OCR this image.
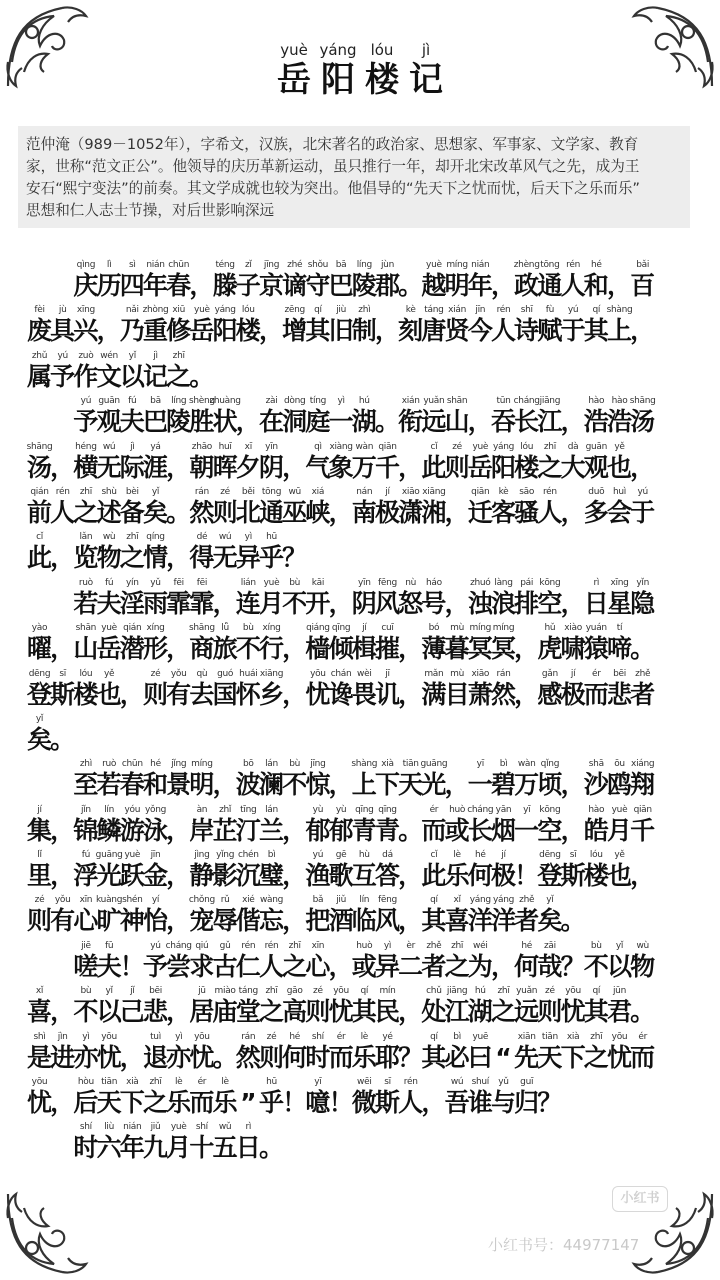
yuè yáng lóu	jì
岳 阳 楼 记
范仲淹（989－1052年），字希文，汉族，北宋著名的政治家、思想家、军事家、文学家、教育
家，世称“范文正公”。他领导的庆历革新运动，虽只推行一年，却开北宋改革风气之先，成为王
安石“熙宁变法”的前奏。其文学成就也较为突出。他倡导的“先天下之忧而忧，后天下之乐而乐”
思想和仁人志士节操，对后世影响深远
qìng	lì	sì	nián chūn	téng	zǐ	jīng zhé shǒu bā	líng	jùn	yuè míng nián	zhèng tōng rén	hé	bǎi
庆
历
四
年
春
，
滕
子
京
谪
守
巴
陵
郡
。
越
明
年
，
政
通
人
和
，
百
fèi	jù	xīng	nǎi zhòng xiū	yuè yáng lóu	zēng	qí	jiù	zhì	kè táng xián	jīn	rén	shī	fù	yú	qí shàng
废
具
兴
，
乃
重
修
岳
阳
楼
，
增
其
旧
制
，
刻
唐
贤
今
人
诗
赋
于
其
上
，
zhǔ	yú	zuò wén	yǐ	jì	zhī
属
予
作
文
以
记
之
。
yú guān fú	bā	líng shèng
zhuàng	zài dòng tíng	yì	hú	xián yuǎn shān	tūn cháng jiāng	hào hào shāng
予
观
夫
巴
陵
胜
状
，
在
洞
庭
一
湖
。
衔
远
山
，
吞
长
江
，
浩
浩
汤
shāng	héng wú	jì	yá	zhāo huī	xī	yīn	qì xiàng wàn qiān	cǐ	zé	yuè yáng lóu	zhī	dà guān yě
汤
，
横
无
际
涯
，
朝
晖
夕
阴
，
气
象
万
千
，
此
则
岳
阳
楼
之
大
观
也
，
qián rén	zhī	shù	bèi	yǐ	rán	zé	běi tōng wū	xiá	nán	jí	xiāo xiāng	qiān	kè	sāo rén	duō huì	yú
前
人
之
述
备
矣
。
然
则
北
通
巫
峡
，
南
极
潇
湘
，
迁
客
骚
人
，
多
会
于
cǐ	lǎn	wù	zhī qíng	dé	wú	yì	hū
此
，
览
物
之
情
，
得
无
异
乎
？
ruò	fú	yín	yǔ	fēi	fēi	lián yuè	bù	kāi	yīn fēng nù	háo	zhuó làng pái kōng	rì	xīng yǐn
若
夫
淫
雨
霏
霏
，
连
月
不
开
，
阴
风
怒
号
，
浊
浪
排
空
，
日
星
隐
yào	shān yuè qián xíng	shāng lǚ	bù xíng	qiáng qīng	jí	cuī	bó	mù míng míng	hǔ xiào yuán	tí
曜
，
山
岳
潜
形
，
商
旅
不
行
，
樯
倾
楫
摧
，
薄
暮
冥
冥
，
虎
啸
猿
啼
。
dēng	sī	lóu	yě	zé	yǒu	qù	guó huái xiāng	yōu chán wèi	jī	mǎn mù xiāo rán	gǎn	jí	ér	bēi	zhě
登
斯
楼
也
，
则
有
去
国
怀
乡
，
忧
谗
畏
讥
，
满
目
萧
然
，
感
极
而
悲
者
yǐ
矣
。
zhì	ruò chūn hé	jǐng míng	bō	lán	bù	jīng	shàng xià tiān guāng	yī	bì	wàn qǐng	shā	ōu xiáng
至
若
春
和
景
明
，
波
澜
不
惊
，
上
下
天
光
，
一
碧
万
顷
，
沙
鸥
翔
jí	jǐn	lín	yóu yǒng	àn	zhǐ	tīng lán	yù	yù qīng qīng	ér	huò cháng yān	yī	kōng	hào yuè qiān
集
，
锦
鳞
游
泳
，
岸
芷
汀
兰
，
郁
郁
青
青
。
而
或
长
烟
一
空
，
皓
月
千
lǐ	fú guāng yuè	jīn	jìng yǐng chén	bì	yú	gē	hù	dá	cǐ	lè	hé	jí	dēng	sī	lóu	yě
里
，
浮
光
跃
金
，
静
影
沉
璧
，
渔
歌
互
答
，
此
乐
何
极
！
登
斯
楼
也
，
zé	yǒu	xīn kuàng shén	yí	chǒng rǔ	xié wàng	bǎ	jiǔ	lín fēng	qí	xǐ	yáng yáng zhě	yǐ
则
有
心
旷
神
怡
，
宠
辱
偕
忘
，
把
酒
临
风
，
其
喜
洋
洋
者
矣
。
jiē	fū	yú cháng qiú	gǔ	rén	rén	zhī	xīn	huò	yì	èr	zhě	zhī	wéi	hé	zāi	bù	yǐ	wù
嗟
夫
！
予
尝
求
古
仁
人
之
心
，
或
异
二
者
之
为
，
何
哉
？
不
以
物
xǐ	bù	yǐ	jǐ	bēi	jū miào táng zhī	gāo	zé	yōu	qí	mín	chǔ jiāng hú	zhī yuǎn zé	yōu	qí	jūn
喜
，
不
以
己
悲
，
居
庙
堂
之
高
则
忧
其
民
，
处
江
湖
之
远
则
忧
其
君
。
shì	jìn	yì	yōu	tuì	yì	yōu	rán	zé	hé	shí	ér	lè	yé	qí	bì	yuē	xiān tiān xià	zhī	yōu	ér
是
进
亦
忧
，
退
亦
忧
。
然
则
何
时
而
乐
耶
？
其
必
曰 “ 先
天
下
之
忧
而
yōu	hòu tiān xià	zhī	lè	ér	lè	hū	yī	wēi	sī	rén	wú shuí	yǔ	guī
忧
，
后
天
下
之
乐
而
乐 ” 乎
！
噫
！
微
斯
人
，
吾
谁
与
归
？
shí	liù	nián	jiǔ	yuè	shí	wǔ	rì
时
六
年
九
月
十
五
日
。
小红书
小红书号：44977147
